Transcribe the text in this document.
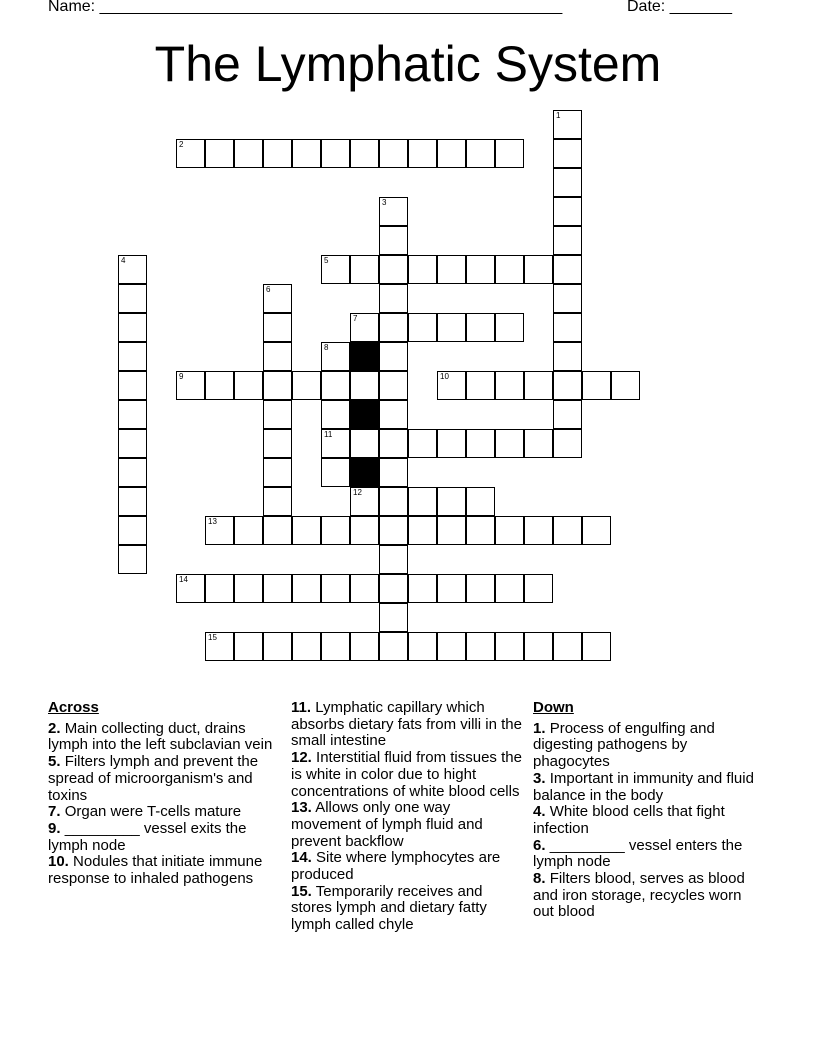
Name: ____________________________________________________	Date: _______
The Lymphatic System
1
2
3
4	5
6
7
8
11
9	10
12
13
14
15
Across
2. Main collecting duct, drains lymph into the left subclavian vein
5. Filters lymph and prevent the spread of microorganism's and toxins
7. Organ were T-cells mature
9. _________ vessel exits the lymph node
10. Nodules that initiate immune response to inhaled pathogens
11. Lymphatic capillary which absorbs dietary fats from villi in the small intestine
12. Interstitial fluid from tissues the is white in color due to hight concentrations of white blood cells
13. Allows only one way movement of lymph fluid and prevent backflow
14. Site where lymphocytes are produced
15. Temporarily receives and stores lymph and dietary fatty lymph called chyle
Down
1. Process of engulfing and digesting pathogens by phagocytes
3. Important in immunity and fluid balance in the body
4. White blood cells that fight infection
6. _________ vessel enters the lymph node
8. Filters blood, serves as blood and iron storage, recycles worn out blood
